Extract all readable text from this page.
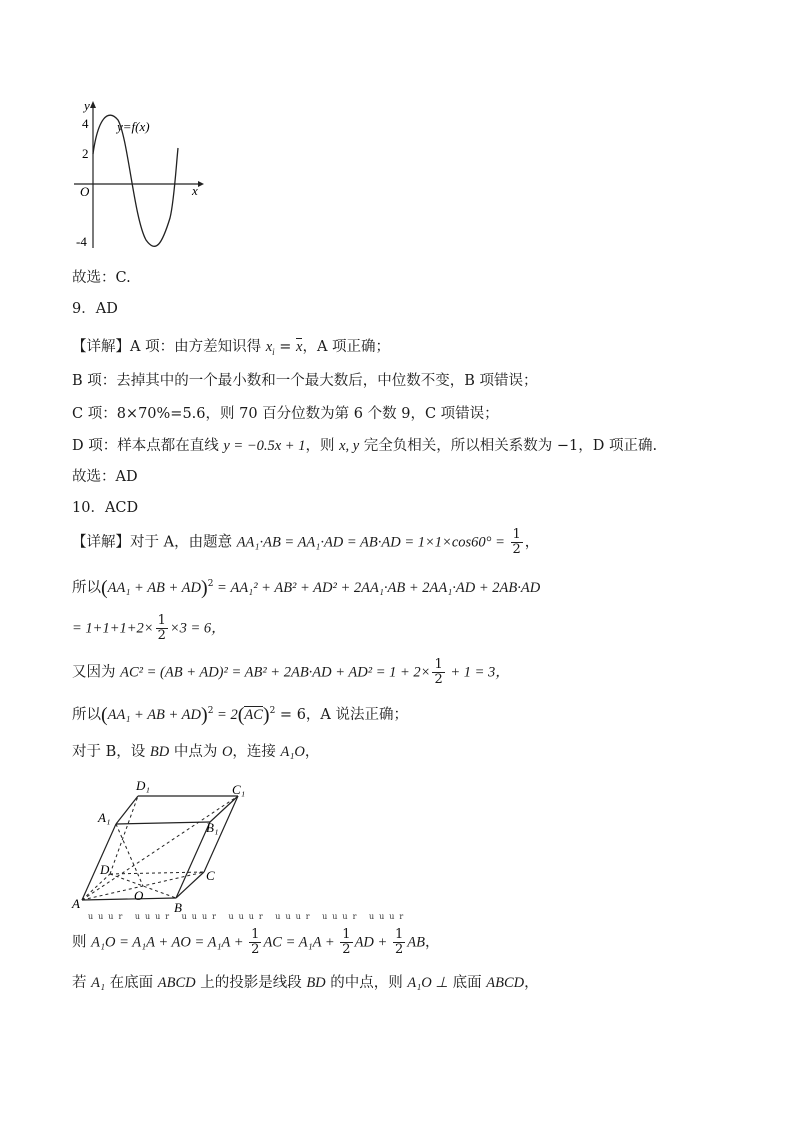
y
x
O
4
2
-4
y=f(x)
故选：C.
9．AD
【详解】A 项：由方差知识得 $x_i = x$，A 项正确；
B 项：去掉其中的一个最小数和一个最大数后，中位数不变，B 项错误；
C 项：8×70%=5.6，则 70 百分位数为第 6 个数 9，C 项错误；
D 项：样本点都在直线 y = −0.5x + 1，则 x, y 完全负相关，所以相关系数为 −1，D 项正确.
故选：AD
10．ACD
【详解】对于 A，由题意 $AA_1\cdot AB = AA_1\cdot AD = AB\cdot AD = 1\times 1\times\cos 60^\circ = \frac{1}{2}$ ，
所以(AA₁ + AB + AD)$^2$ = AA₁² + AB² + AD² + 2AA₁·AB + 2AA₁·AD + 2AB·AD
= $1+1+1+2\times \frac{1}{2} \times 3 = 6$，
又因为 $AC^2 = (AB + AD)^2 = AB^2 + 2AB\cdot AD + AD^2 = 1 + 2\times \frac{1}{2} + 1 = 3$，
所以(AA₁ + AB + AD)$^2$ = 2(AC)$^2$ = 6，A 说法正确；
对于 B，设 BD 中点为 O，连接 A₁O，
A	B
C
D
A₁
B₁
C₁
D₁
O
uuur uuur uuur uuur uuur uuur uuur
则 A₁O = A₁A + AO = $A_1A + \frac{1}{2}$ AC = $A_1A + \frac{1}{2}$ AD + $\frac{1}{2}$ AB，
若 A₁ 在底面 ABCD 上的投影是线段 BD 的中点，则 A₁O ⊥ 底面 ABCD，
